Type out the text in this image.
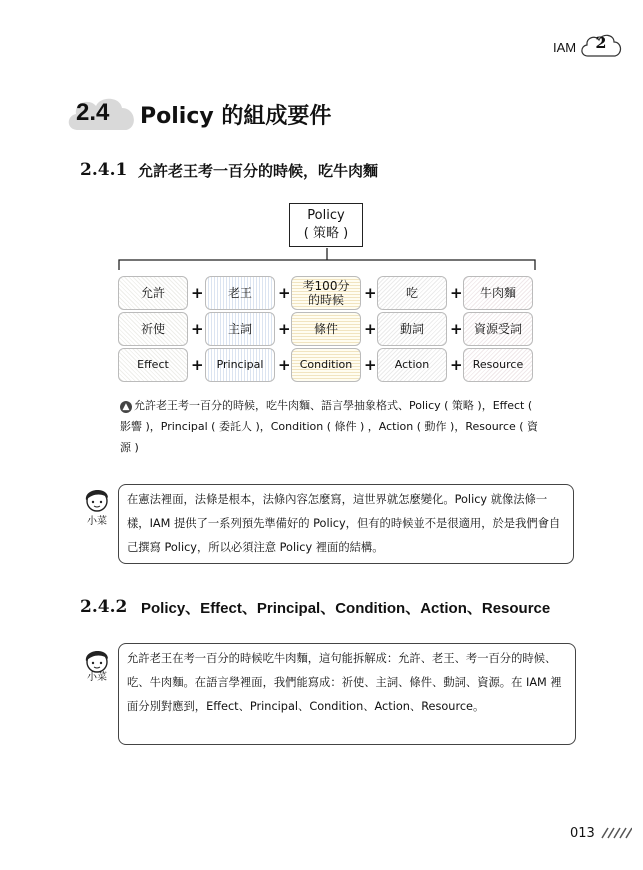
IAM	2
2.4 Policy 的組成要件
2.4.1 允許老王考一百分的時候，吃牛肉麵
Policy
( 策略 )
允許	+	老王	+ 考100分的時候	+	吃	+	牛肉麵
祈使	+	主詞	+	條件	+	動詞	+ 資源受詞
Effect	+	Principal + Condition +	Action	+ Resource
▲ 允許老王考一百分的時候，吃牛肉麵、語言學抽象格式、Policy ( 策略 )，Effect ( 影響 )，Principal ( 委託人 )，Condition ( 條件 ) ，Action ( 動作 )，Resource ( 資源 )
小菜
在憲法裡面，法條是根本，法條內容怎麼寫，這世界就怎麼變化。Policy 就像法條一樣，IAM 提供了一系列預先準備好的 Policy，但有的時候並不是很適用，於是我們會自己撰寫 Policy，所以必須注意 Policy 裡面的結構。
2.4.2 Policy、Effect、Principal、Condition、Action、Resource
小菜
允許老王在考一百分的時候吃牛肉麵，這句能拆解成：允許、老王、考一百分的時候、吃、牛肉麵。在語言學裡面，我們能寫成：祈使、主詞、條件、動詞、資源。在 IAM 裡面分別對應到，Effect、Principal、Condition、Action、Resource。
013
